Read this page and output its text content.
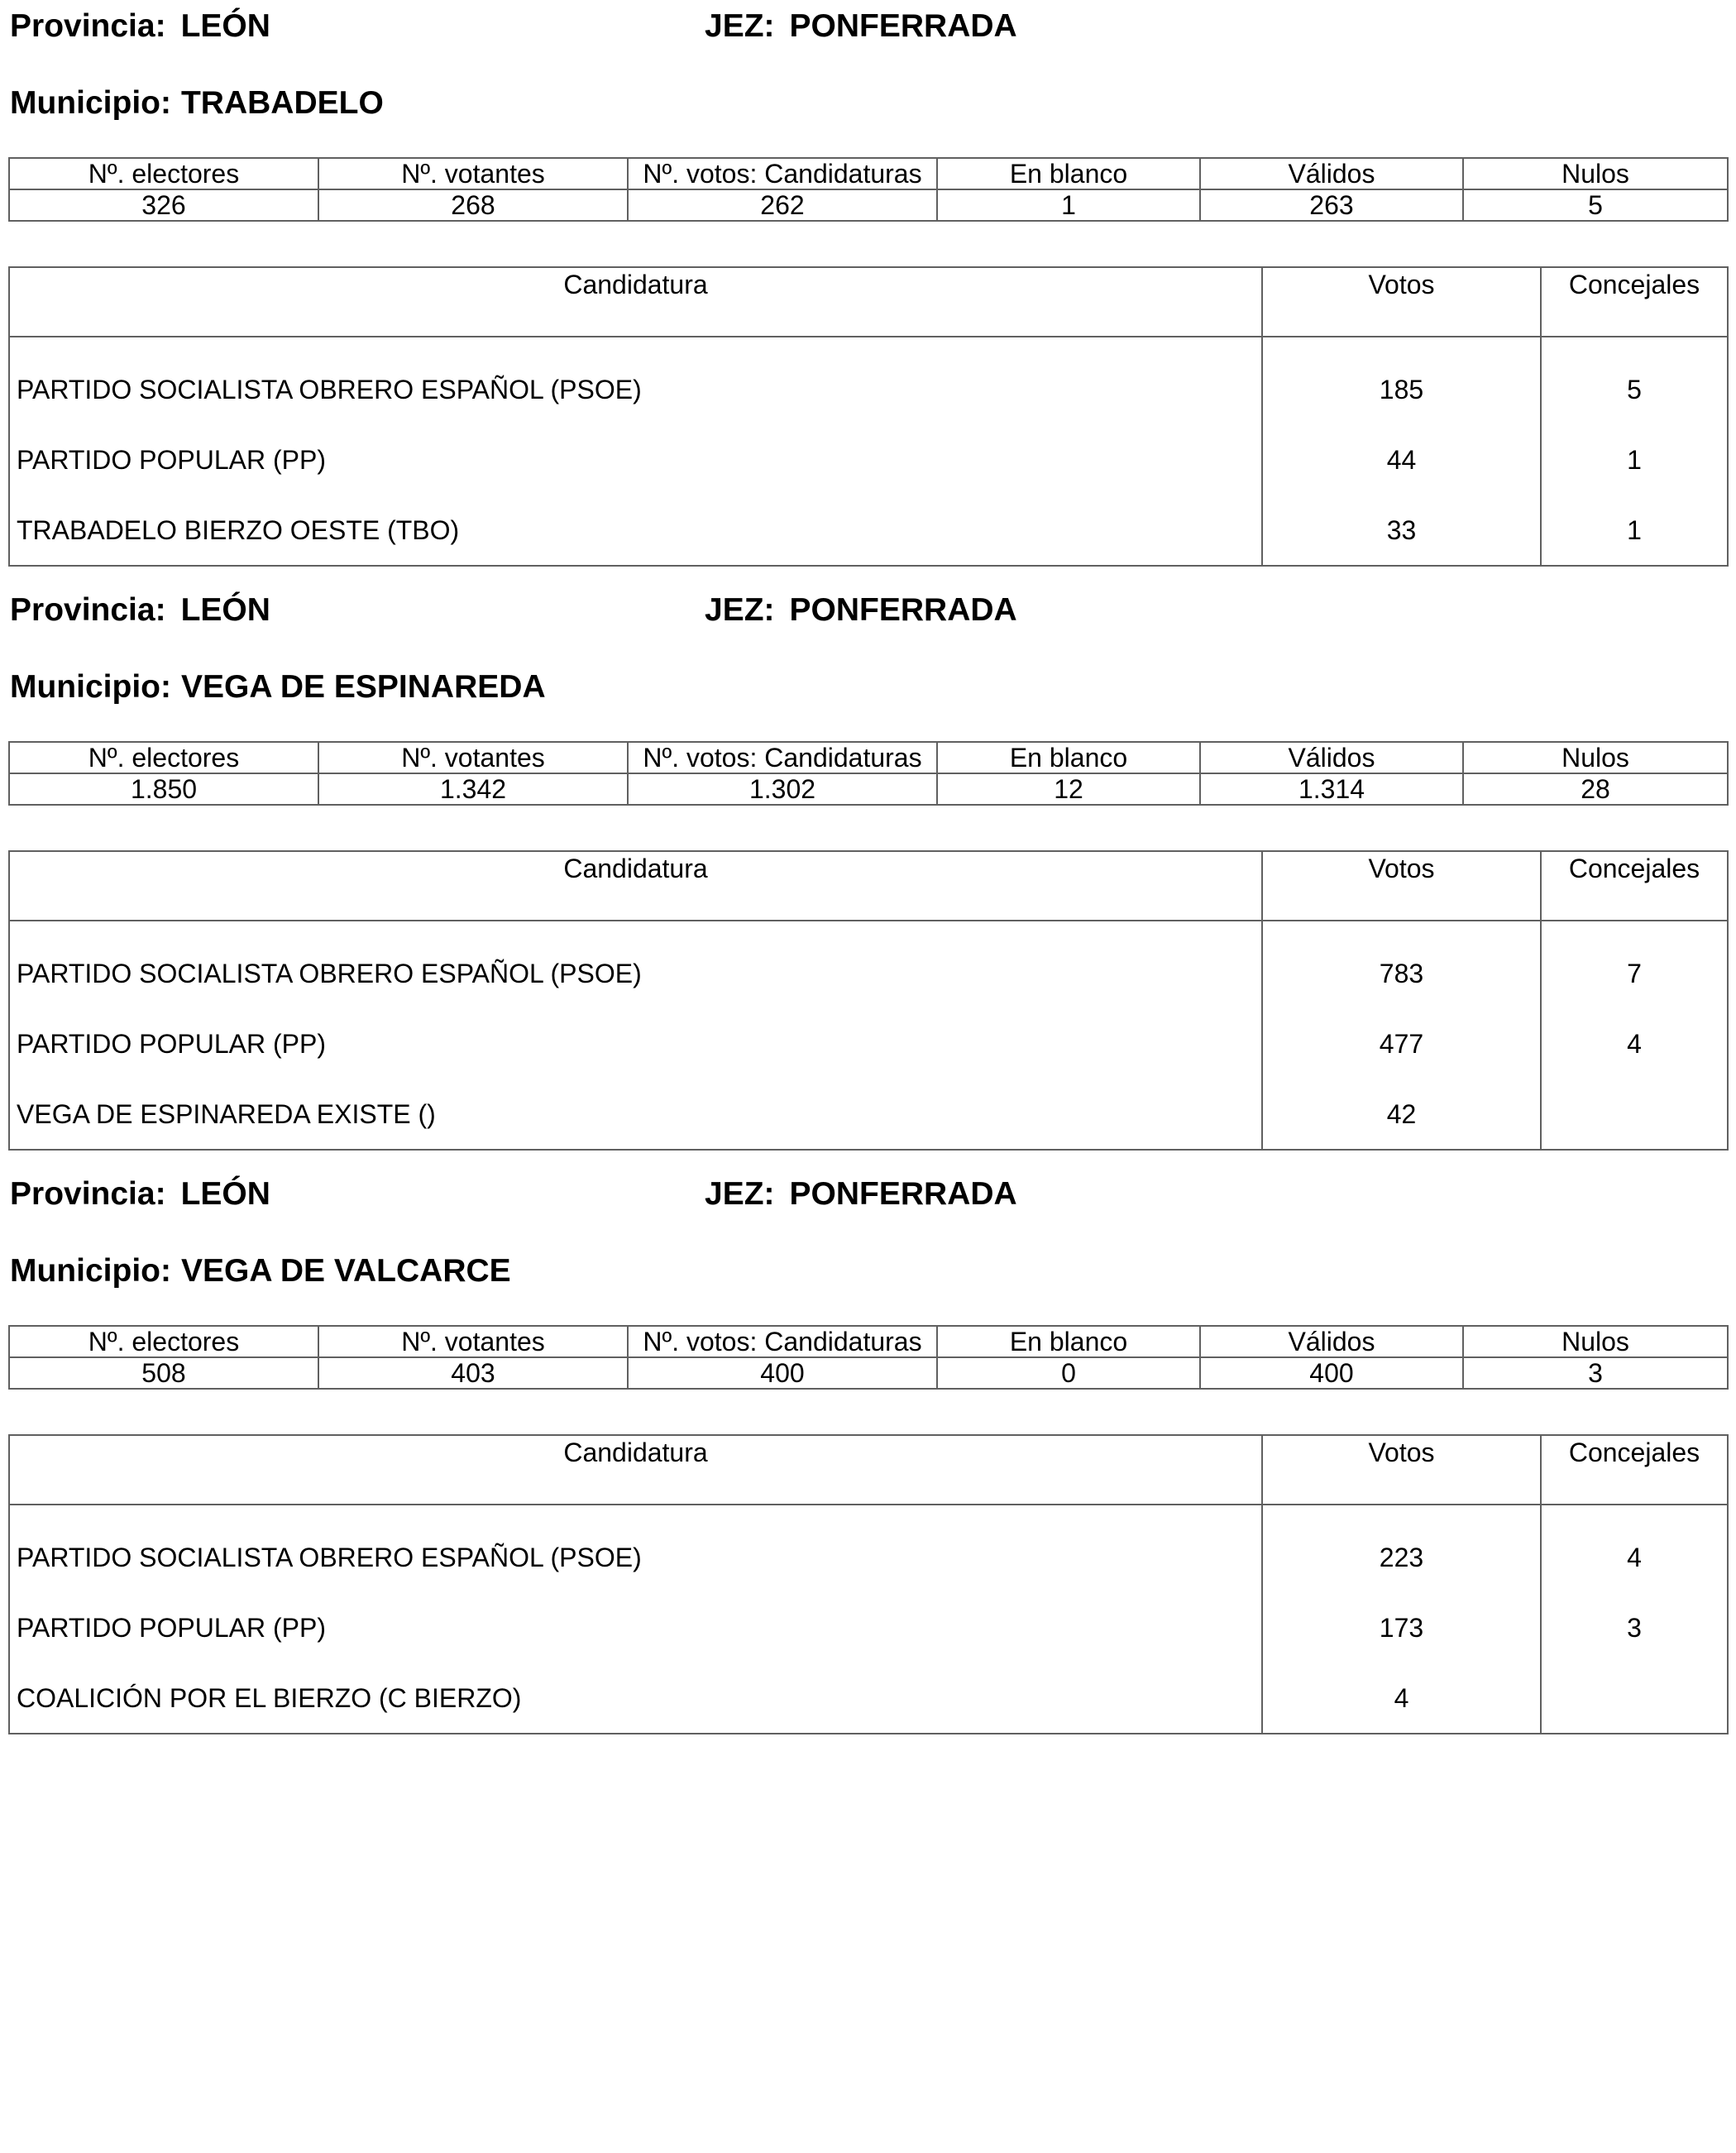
Provincia: LEÓN	JEZ: PONFERRADA
Municipio: TRABADELO
Nº. electores	Nº. votantes	Nº. votos: Candidaturas	En blanco	Válidos	Nulos
326	268	262	1	263	5
Candidatura	Votos	Concejales
PARTIDO SOCIALISTA OBRERO ESPAÑOL (PSOE)	185	5
PARTIDO POPULAR (PP)	44	1
TRABADELO BIERZO OESTE (TBO)	33	1
Provincia: LEÓN	JEZ: PONFERRADA
Municipio: VEGA DE ESPINAREDA
Nº. electores	Nº. votantes	Nº. votos: Candidaturas	En blanco	Válidos	Nulos
1.850	1.342	1.302	12	1.314	28
Candidatura	Votos	Concejales
PARTIDO SOCIALISTA OBRERO ESPAÑOL (PSOE)	783	7
PARTIDO POPULAR (PP)	477	4
VEGA DE ESPINAREDA EXISTE ()	42	
Provincia: LEÓN	JEZ: PONFERRADA
Municipio: VEGA DE VALCARCE
Nº. electores	Nº. votantes	Nº. votos: Candidaturas	En blanco	Válidos	Nulos
508	403	400	0	400	3
Candidatura	Votos	Concejales
PARTIDO SOCIALISTA OBRERO ESPAÑOL (PSOE)	223	4
PARTIDO POPULAR (PP)	173	3
COALICIÓN POR EL BIERZO (C BIERZO)	4	
